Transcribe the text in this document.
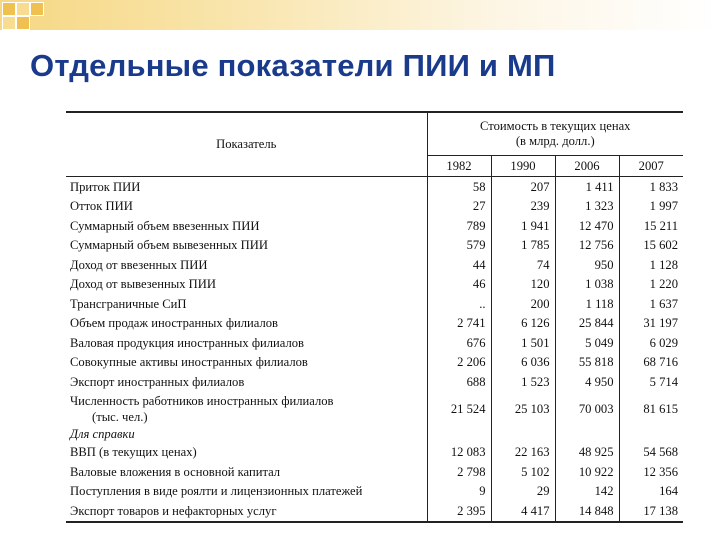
Отдельные показатели ПИИ и МП
Показатель	Стоимость в текущих ценах
(в млрд. долл.)			

	1982	1990	2006	2007
Приток ПИИ	58	207	1 411	1 833
Отток ПИИ	27	239	1 323	1 997
Суммарный объем ввезенных ПИИ	789	1 941	12 470	15 211
Суммарный объем вывезенных ПИИ	579	1 785	12 756	15 602
Доход от ввезенных ПИИ	44	74	950	1 128
Доход от вывезенных ПИИ	46	120	1 038	1 220
Трансграничные СиП	..	200	1 118	1 637
Объем продаж иностранных филиалов	2 741	6 126	25 844	31 197
Валовая продукция иностранных филиалов	676	1 501	5 049	6 029
Совокупные активы иностранных филиалов	2 206	6 036	55 818	68 716
Экспорт иностранных филиалов	688	1 523	4 950	5 714

Численность работников иностранных филиалов
(тыс. чел.)	21 524	25 103	70 003	81 615
Для справки				
ВВП (в текущих ценах)	12 083	22 163	48 925	54 568
Валовые вложения в основной капитал	2 798	5 102	10 922	12 356
Поступления в виде роялти и лицензионных платежей	9	29	142	164
Экспорт товаров и нефакторных услуг	2 395	4 417	14 848	17 138
